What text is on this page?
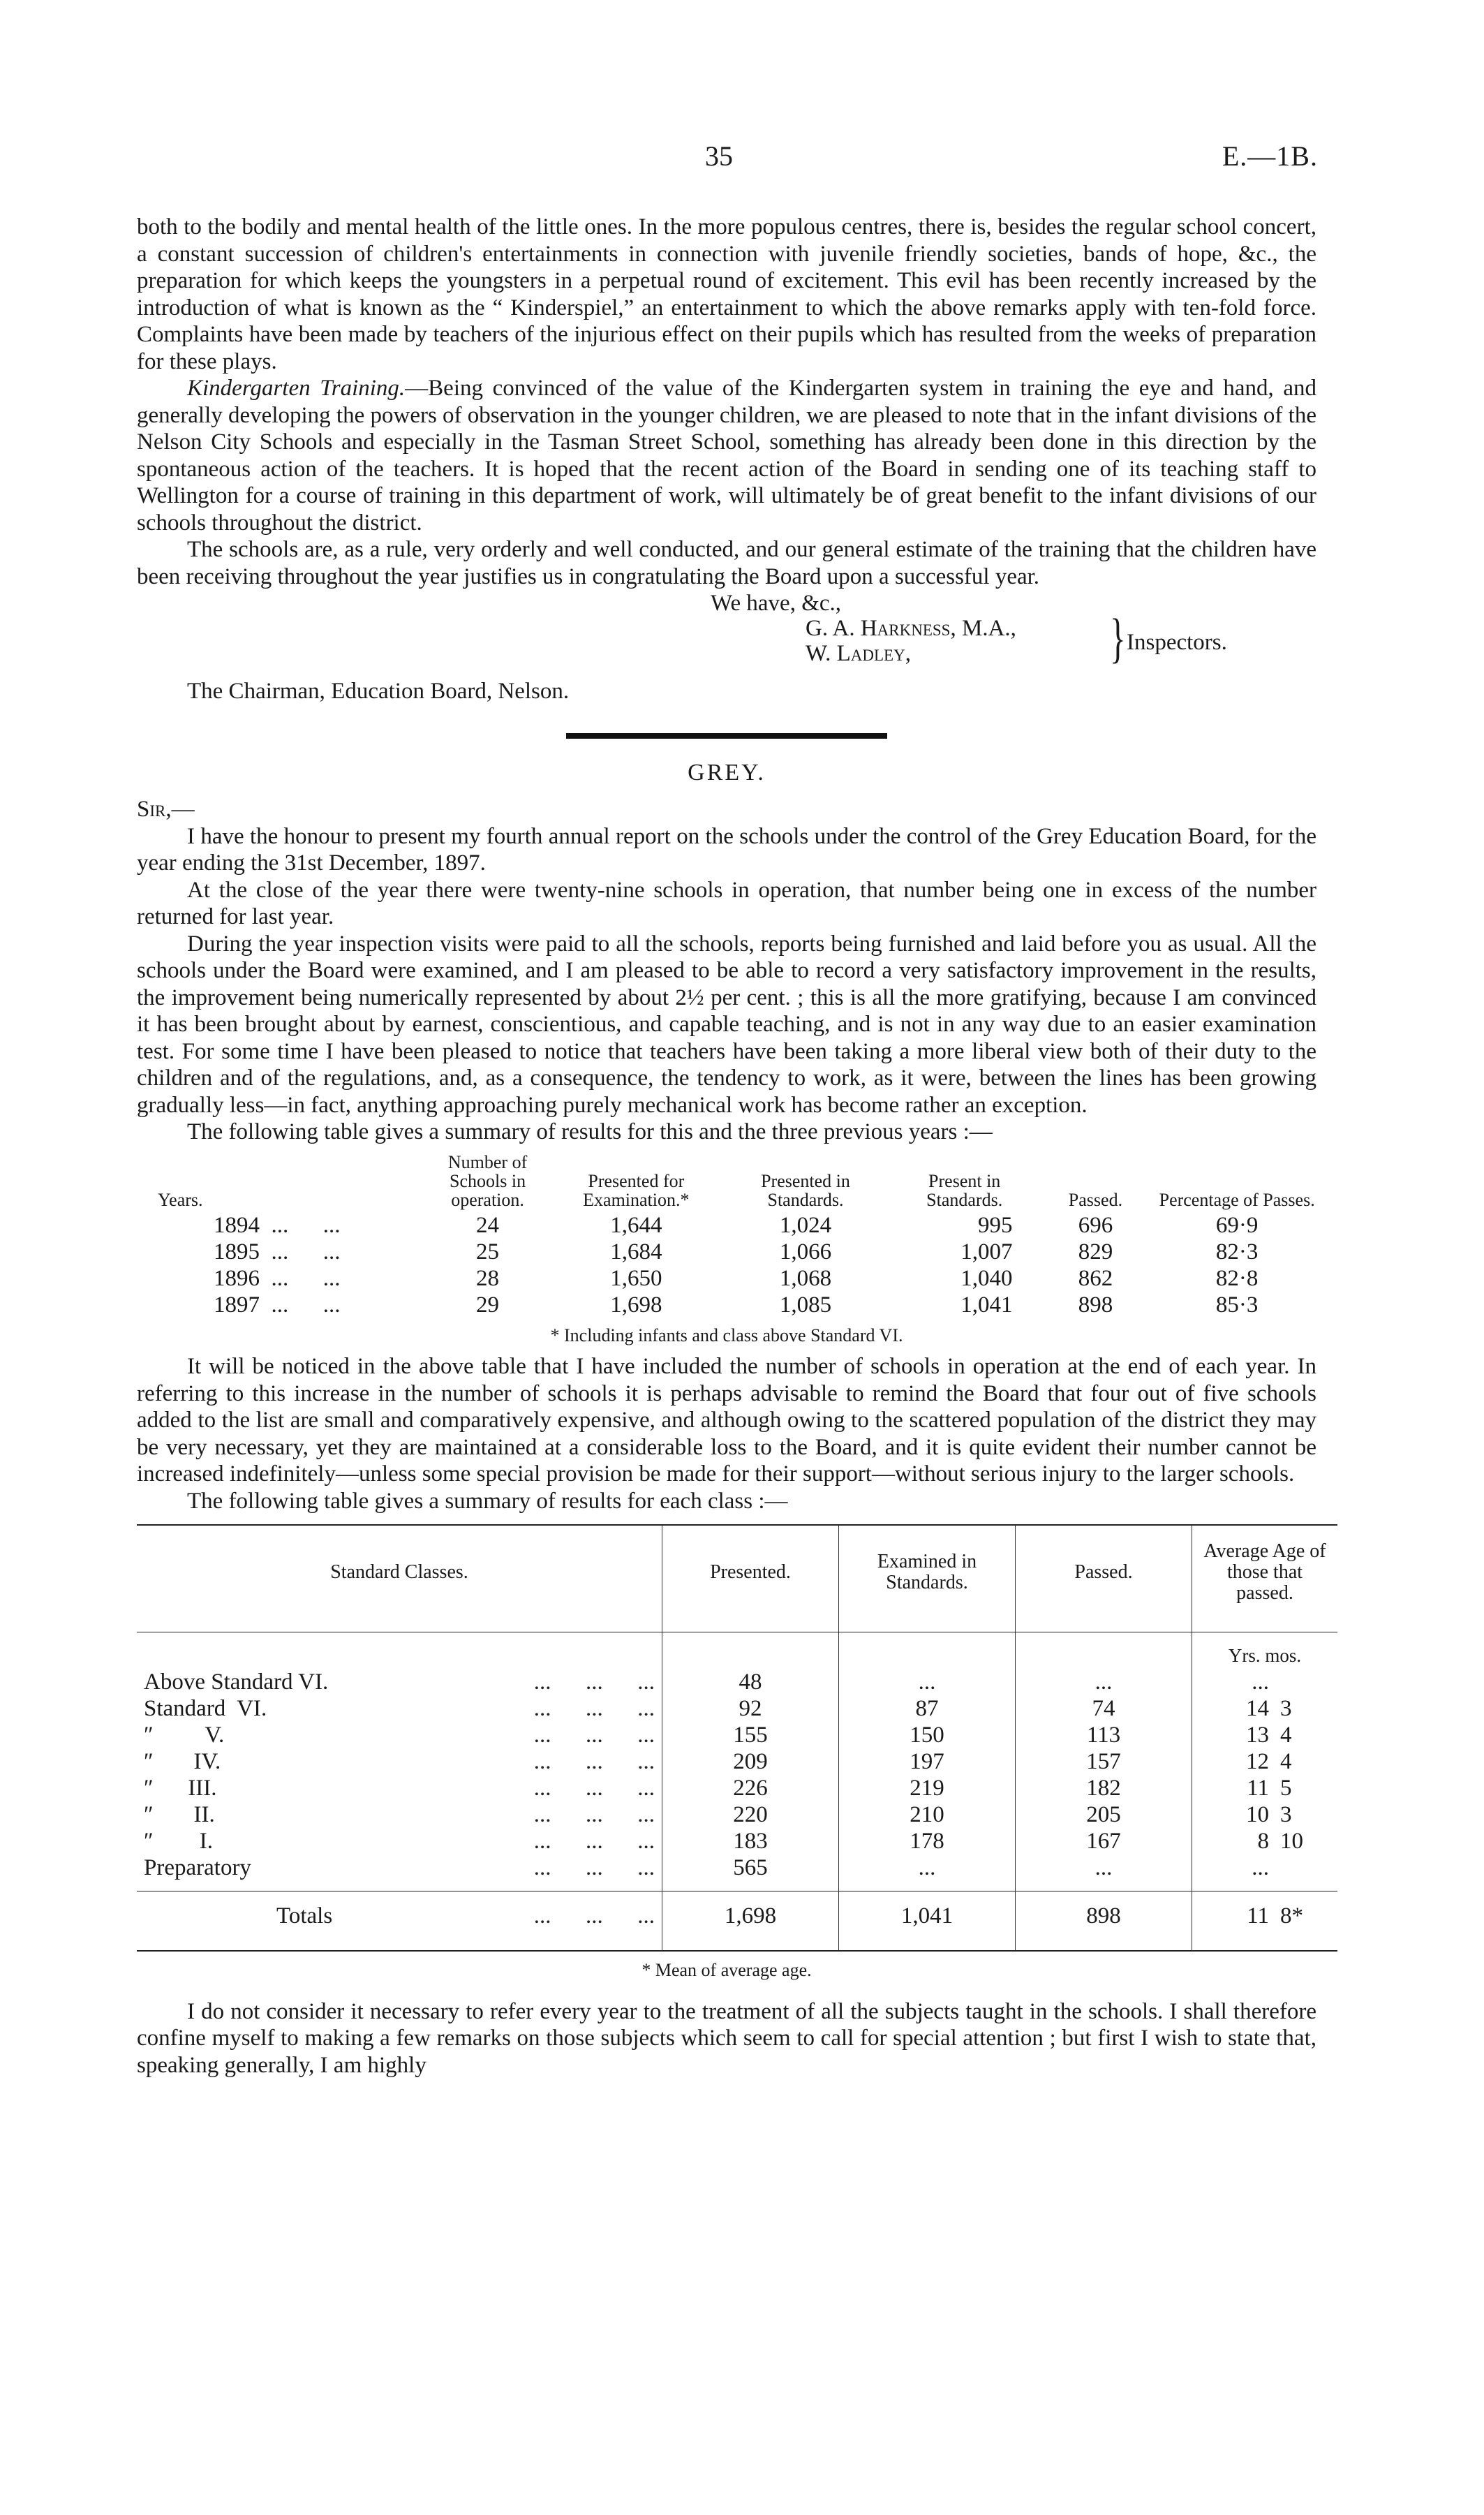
35	E.—1B.

both to the bodily and mental health of the little ones. In the more populous centres, there is, besides the regular school concert, a constant succession of children's entertainments in connection with juvenile friendly societies, bands of hope, &c., the preparation for which keeps the youngsters in a perpetual round of excitement. This evil has been recently increased by the introduction of what is known as the “ Kinderspiel,” an entertainment to which the above remarks apply with ten-fold force. Complaints have been made by teachers of the injurious effect on their pupils which has resulted from the weeks of preparation for these plays.

Kindergarten Training.—Being convinced of the value of the Kindergarten system in training the eye and hand, and generally developing the powers of observation in the younger children, we are pleased to note that in the infant divisions of the Nelson City Schools and especially in the Tasman Street School, something has already been done in this direction by the spontaneous action of the teachers. It is hoped that the recent action of the Board in sending one of its teaching staff to Wellington for a course of training in this department of work, will ultimately be of great benefit to the infant divisions of our schools throughout the district.

The schools are, as a rule, very orderly and well conducted, and our general estimate of the training that the children have been receiving throughout the year justifies us in congratulating the Board upon a successful year.

We have, &c.,
G. A. Harkness, M.A.,
W. Ladley,	} Inspectors.
The Chairman, Education Board, Nelson.
GREY.
Sir,—

I have the honour to present my fourth annual report on the schools under the control of the Grey Education Board, for the year ending the 31st December, 1897.

At the close of the year there were twenty-nine schools in operation, that number being one in excess of the number returned for last year.

During the year inspection visits were paid to all the schools, reports being furnished and laid before you as usual. All the schools under the Board were examined, and I am pleased to be able to record a very satisfactory improvement in the results, the improvement being numerically represented by about 2½ per cent. ; this is all the more gratifying, because I am convinced it has been brought about by earnest, conscientious, and capable teaching, and is not in any way due to an easier examination test. For some time I have been pleased to notice that teachers have been taking a more liberal view both of their duty to the children and of the regulations, and, as a consequence, the tendency to work, as it were, between the lines has been growing gradually less—in fact, anything approaching purely mechanical work has become rather an exception.

The following table gives a summary of results for this and the three previous years :—

Years.	Number of Schools in operation.	Presented for Examination.*	Presented in Standards.	Present in Standards.	Passed.	Percentage of Passes.
1894  ...      ...	24	1,644	1,024	995	696	69·9
1895  ...      ...	25	1,684	1,066	1,007	829	82·3
1896  ...      ...	28	1,650	1,068	1,040	862	82·8
1897  ...      ...	29	1,698	1,085	1,041	898	85·3
* Including infants and class above Standard VI.

It will be noticed in the above table that I have included the number of schools in operation at the end of each year. In referring to this increase in the number of schools it is perhaps advisable to remind the Board that four out of five schools added to the list are small and comparatively expensive, and although owing to the scattered population of the district they may be very necessary, yet they are maintained at a considerable loss to the Board, and it is quite evident their number cannot be increased indefinitely—unless some special provision be made for their support—without serious injury to the larger schools.

The following table gives a summary of results for each class :—

Standard Classes.	Presented.	Examined in Standards.	Passed.	Average Age of those that passed.	
				Yrs. mos.	
Above Standard VI. ...      ...      ...	48	...	...	...	
Standard  VI. ...      ...      ...	92	87	74	14	3
″         V. ...      ...      ...	155	150	113	13	4
″       IV. ...      ...      ...	209	197	157	12	4
″      III. ...      ...      ...	226	219	182	11	5
″       II. ...      ...      ...	220	210	205	10	3
″        I. ...      ...      ...	183	178	167	8	10
Preparatory ...      ...      ...	565	...	...	...	
Totals ...      ...      ...	1,698	1,041	898	11	8*
* Mean of average age.

I do not consider it necessary to refer every year to the treatment of all the subjects taught in the schools. I shall therefore confine myself to making a few remarks on those subjects which seem to call for special attention ; but first I wish to state that, speaking generally, I am highly
